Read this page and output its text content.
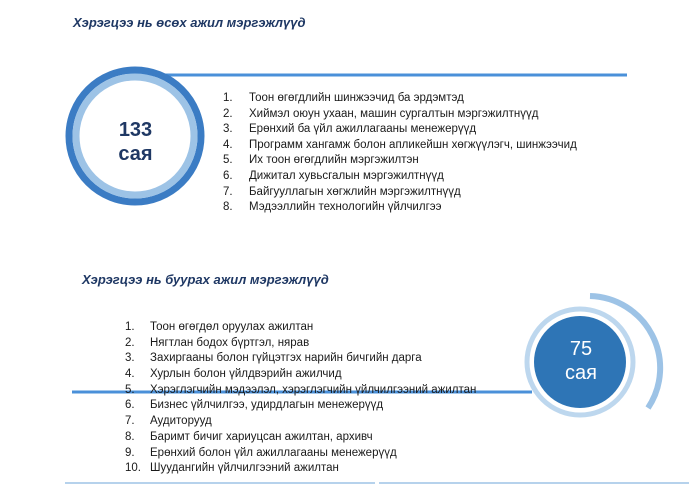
Хэрэгцээ нь өсөх ажил мэргэжлүүд
133
сая
1.	Тоон өгөгдлийн шинжээчид ба эрдэмтэд
2.	Хиймэл оюун ухаан, машин сургалтын мэргэжилтнүүд
3.	Ерөнхий ба үйл ажиллагааны менежерүүд
4.	Программ хангамж болон апликейшн хөгжүүлэгч, шинжээчид
5.	Их тоон өгөгдлийн мэргэжилтэн
6.	Дижитал хувьсгалын мэргэжилтнүүд
7.	Байгууллагын хөгжлийн мэргэжилтнүүд
8.	Мэдээллийн технологийн үйлчилгээ
Хэрэгцээ нь буурах ажил мэргэжлүүд
1.	Тоон өгөгдөл оруулах ажилтан
2.	Нягтлан бодох бүртгэл, нярав
3.	Захиргааны болон гүйцэтгэх нарийн бичгийн дарга
4.	Хурлын болон үйлдвэрийн ажилчид
5.	Хэрэглэгчийн мэдээлэл, хэрэглэгчийн үйлчилгээний ажилтан
6.	Бизнес үйлчилгээ, удирдлагын менежерүүд
7.	Аудиторууд
8.	Баримт бичиг хариуцсан ажилтан, архивч
9.	Ерөнхий болон үйл ажиллагааны менежерүүд
10. Шуудангийн үйлчилгээний ажилтан
75
сая
